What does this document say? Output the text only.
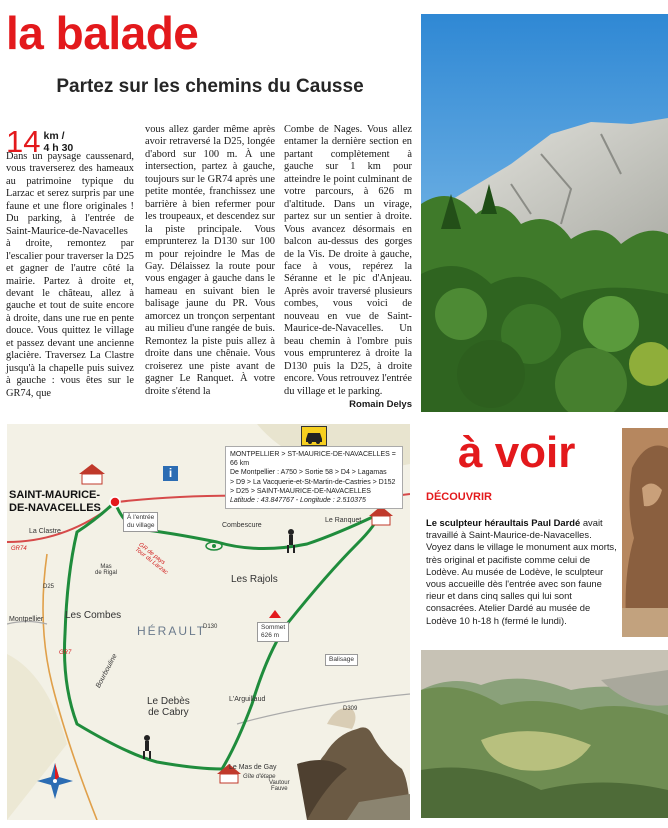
la balade
Partez sur les chemins du Causse
14 km /
4 h 30

Dans un paysage caussenard, vous traverserez des hameaux au patrimoine typique du Larzac et serez surpris par une faune et une flore originales ! Du parking, à l'entrée de Saint-Maurice-de-Navacelles à droite, remontez par l'escalier pour traverser la D25 et gagner de l'autre côté la mairie. Partez à droite et, devant le château, allez à gauche et tout de suite encore à droite, dans une rue en pente douce. Vous quittez le village et passez devant une ancienne glacière. Traversez La Clastre jusqu'à la chapelle puis suivez à gauche : vous êtes sur le GR74, que

vous allez garder même après avoir retraversé la D25, longée d'abord sur 100 m. À une intersection, partez à gauche, toujours sur le GR74 après une petite montée, franchissez une barrière à bien refermer pour les troupeaux, et descendez sur la piste principale. Vous emprunterez la D130 sur 100 m pour rejoindre le Mas de Gay. Délaissez la route pour vous engager à gauche dans le hameau en suivant bien le balisage jaune du PR. Vous amorcez un tronçon serpentant au milieu d'une rangée de buis. Remontez la piste puis allez à droite dans une chênaie. Vous croiserez une piste avant de gagner Le Ranquet. À votre droite s'étend la

Combe de Nages. Vous allez entamer la dernière section en partant complètement à gauche sur 1 km pour atteindre le point culminant de votre parcours, à 626 m d'altitude. Dans un virage, partez sur un sentier à droite. Vous avancez désormais en balcon au-dessus des gorges de la Vis. De droite à gauche, face à vous, repérez la Séranne et le pic d'Anjeau. Après avoir traversé plusieurs combes, vous voici de nouveau en vue de Saint-Maurice-de-Navacelles. Un beau chemin à l'ombre puis vous emprunterez à droite la D130 puis la D25, à droite encore. Vous retrouvez l'entrée du village et le parking.

Romain Delys
MONTPELLIER > ST-MAURICE-DE-NAVACELLES = 66 km
De Montpellier : A750 > Sortie 58 > D4 > Lagamas
> D9 > La Vacquerie-et-St-Martin-de-Castries > D152
> D25 > SAINT-MAURICE-DE-NAVACELLES
Latitude : 43.847767 - Longitude : 2.510375
i
SAINT-MAURICE-
DE-NAVACELLES
À l'entrée
du village
La Clastre
Mas
de Rigal
Combescure
Le Ranquet
Les Rajols
HÉRAULT
Les Combes
Bourbouline
Le Debès
de Cabry
L'Arguillaud
Le Mas de Gay
Gîte d'étape
Vautour
Fauve
Montpellier
GR de pays
Tour du Larzac
Sommet
626 m
Balisage
D25
D130
D309
GR74
GR7
à voir
DÉCOUVRIR
Le sculpteur héraultais Paul Dardé avait travaillé à Saint-Maurice-de-Navacelles. Voyez dans le village le monument aux morts, très original et pacifiste comme celui de Lodève. Au musée de Lodève, le sculpteur vous accueille dès l'entrée avec son faune rieur et dans cinq salles qui lui sont consacrées. Atelier Dardé au musée de Lodève 10 h-18 h (fermé le lundi).
